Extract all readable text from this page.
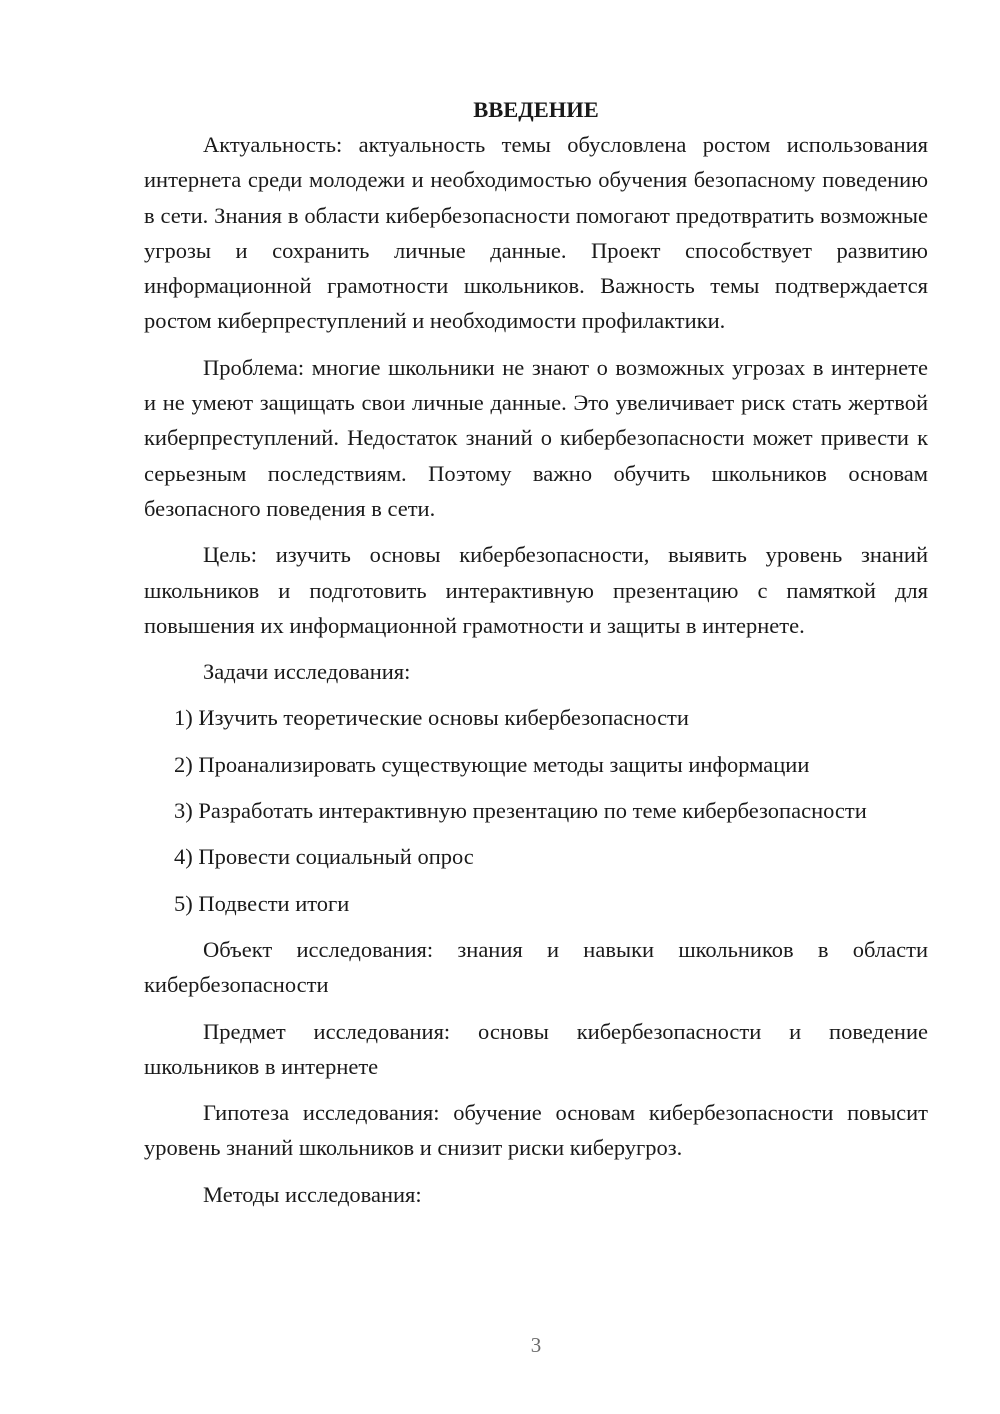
ВВЕДЕНИЕ

Актуальность: актуальность темы обусловлена ростом использования интернета среди молодежи и необходимостью обучения безопасному поведению в сети. Знания в области кибербезопасности помогают предотвратить возможные угрозы и сохранить личные данные. Проект способствует развитию информационной грамотности школьников. Важность темы подтверждается ростом киберпреступлений и необходимости профилактики.

Проблема: многие школьники не знают о возможных угрозах в интернете и не умеют защищать свои личные данные. Это увеличивает риск стать жертвой киберпреступлений. Недостаток знаний о кибербезопасности может привести к серьезным последствиям. Поэтому важно обучить школьников основам безопасного поведения в сети.

Цель: изучить основы кибербезопасности, выявить уровень знаний школьников и подготовить интерактивную презентацию с памяткой для повышения их информационной грамотности и защиты в интернете.

Задачи исследования:

1) Изучить теоретические основы кибербезопасности

2) Проанализировать существующие методы защиты информации

3) Разработать интерактивную презентацию по теме кибербезопасности

4) Провести социальный опрос

5) Подвести итоги

Объект исследования: знания и навыки школьников в области кибербезопасности

Предмет исследования: основы кибербезопасности и поведение школьников в интернете

Гипотеза исследования: обучение основам кибербезопасности повысит уровень знаний школьников и снизит риски киберугроз.

Методы исследования:

3
